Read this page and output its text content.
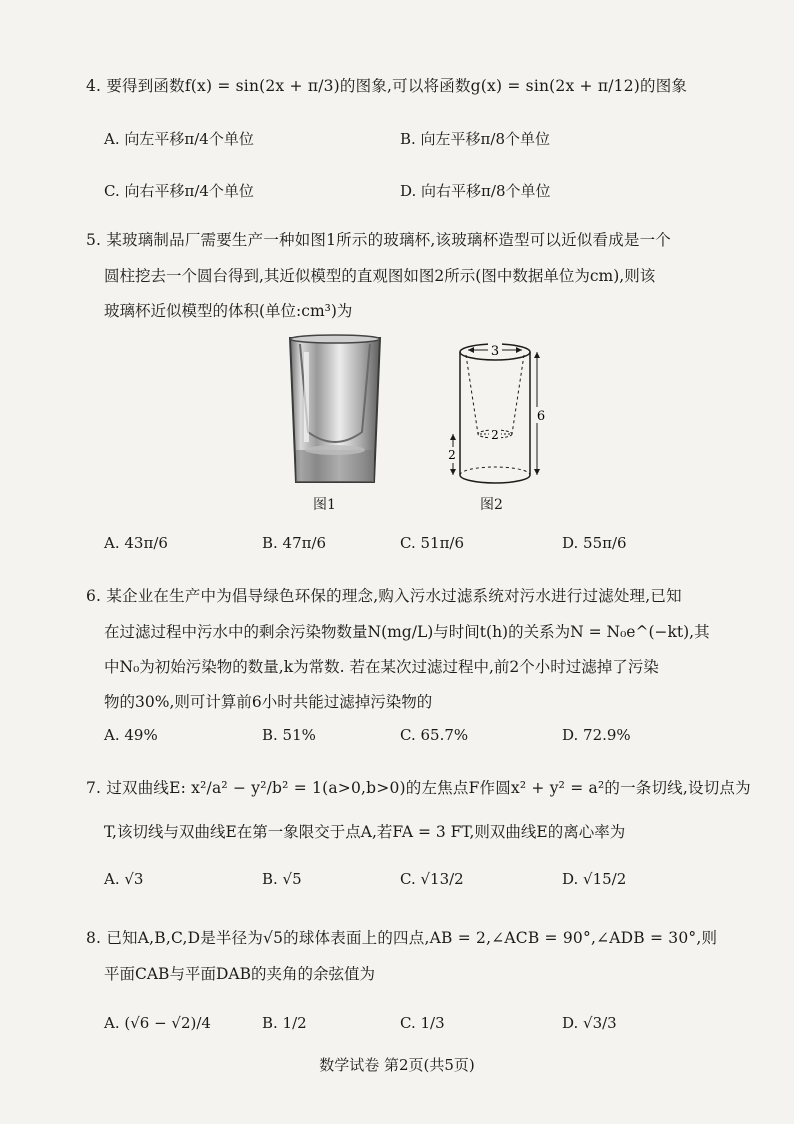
4. 要得到函数f(x) = sin(2x + π/3)的图象,可以将函数g(x) = sin(2x + π/12)的图象
A. 向左平移π/4个单位	B. 向左平移π/8个单位
C. 向右平移π/4个单位	D. 向右平移π/8个单位
5. 某玻璃制品厂需要生产一种如图1所示的玻璃杯,该玻璃杯造型可以近似看成是一个
圆柱挖去一个圆台得到,其近似模型的直观图如图2所示(图中数据单位为cm),则该
玻璃杯近似模型的体积(单位:cm³)为
图1
3
6
2
2
图2
A. 43π/6	B. 47π/6	C. 51π/6	D. 55π/6
6. 某企业在生产中为倡导绿色环保的理念,购入污水过滤系统对污水进行过滤处理,已知
在过滤过程中污水中的剩余污染物数量N(mg/L)与时间t(h)的关系为N = N₀e^(−kt),其
中N₀为初始污染物的数量,k为常数. 若在某次过滤过程中,前2个小时过滤掉了污染
物的30%,则可计算前6小时共能过滤掉污染物的
A. 49%	B. 51%	C. 65.7%	D. 72.9%
7. 过双曲线E: x²/a² − y²/b² = 1(a>0,b>0)的左焦点F作圆x² + y² = a²的一条切线,设切点为
T,该切线与双曲线E在第一象限交于点A,若FA = 3 FT,则双曲线E的离心率为
A. √3	B. √5	C. √13/2	D. √15/2
8. 已知A,B,C,D是半径为√5的球体表面上的四点,AB = 2,∠ACB = 90°,∠ADB = 30°,则
平面CAB与平面DAB的夹角的余弦值为
A. (√6 − √2)/4	B. 1/2	C. 1/3	D. √3/3
数学试卷 第2页(共5页)
